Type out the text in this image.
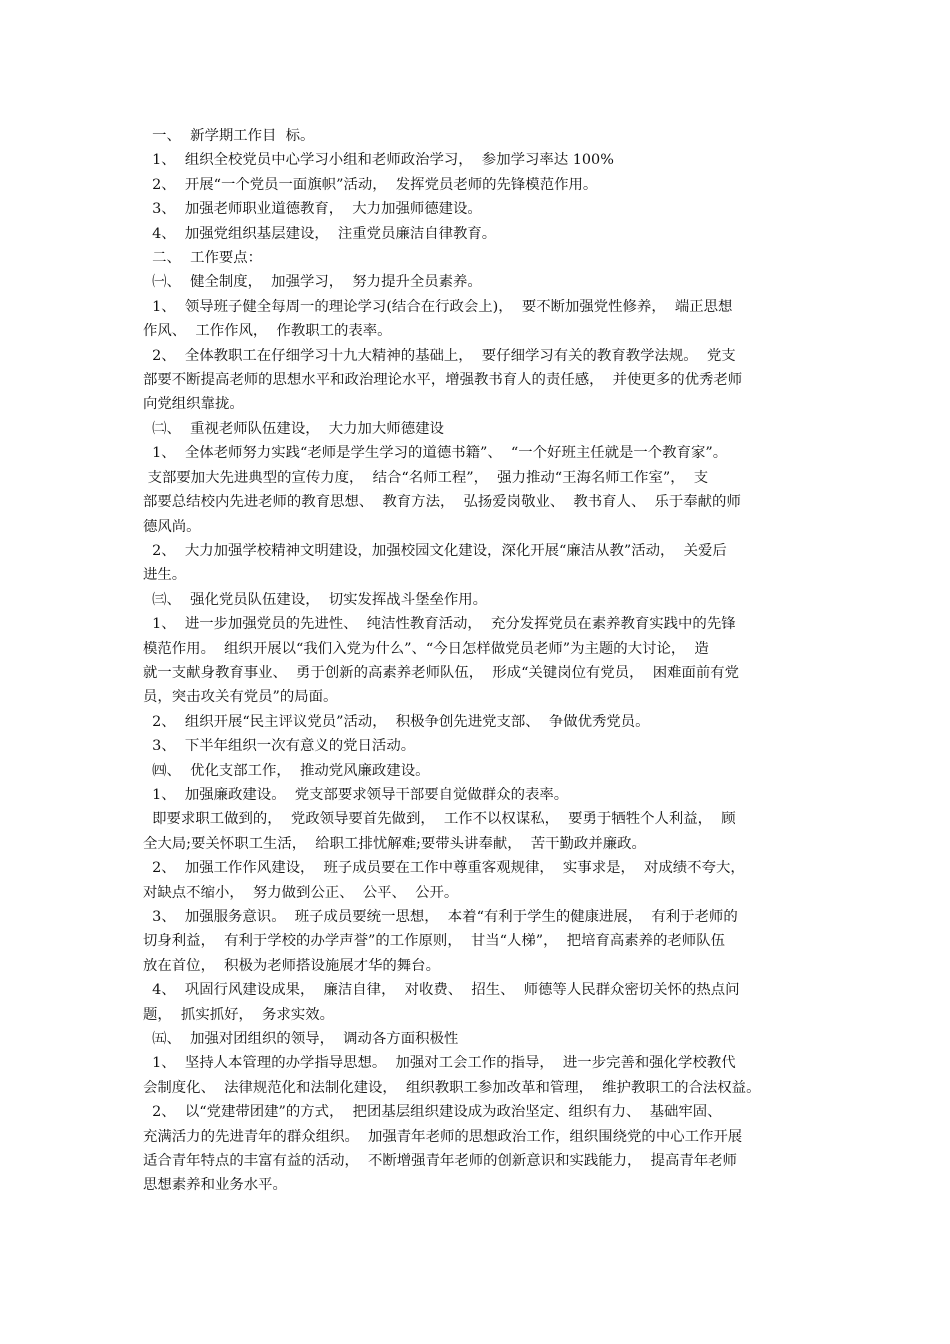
一、  新学期工作目  标。
1、  组织全校党员中心学习小组和老师政治学习，  参加学习率达 100%
2、  开展“一个党员一面旗帜”活动，  发挥党员老师的先锋模范作用。
3、  加强老师职业道德教育，  大力加强师德建设。
4、  加强党组织基层建设，  注重党员廉洁自律教育。
二、  工作要点：
㈠、  健全制度，  加强学习，  努力提升全员素养。
1、  领导班子健全每周一的理论学习(结合在行政会上)，  要不断加强党性修养，  端正思想
作风、  工作作风，  作教职工的表率。
2、  全体教职工在仔细学习十九大精神的基础上，  要仔细学习有关的教育教学法规。  党支
部要不断提高老师的思想水平和政治理论水平，增强教书育人的责任感，  并使更多的优秀老师
向党组织靠拢。
㈡、  重视老师队伍建设，  大力加大师德建设
1、  全体老师努力实践“老师是学生学习的道德书籍”、  “一个好班主任就是一个教育家”。
支部要加大先进典型的宣传力度，  结合“名师工程”，  强力推动“王海名师工作室”，  支
部要总结校内先进老师的教育思想、  教育方法，  弘扬爱岗敬业、  教书育人、  乐于奉献的师
德风尚。
2、  大力加强学校精神文明建设，加强校园文化建设，深化开展“廉洁从教”活动，  关爱后
进生。
㈢、  强化党员队伍建设，  切实发挥战斗堡垒作用。
1、  进一步加强党员的先进性、  纯洁性教育活动，  充分发挥党员在素养教育实践中的先锋
模范作用。  组织开展以“我们入党为什么”、“今日怎样做党员老师”为主题的大讨论，  造
就一支献身教育事业、  勇于创新的高素养老师队伍，  形成“关键岗位有党员，  困难面前有党
员，突击攻关有党员”的局面。
2、  组织开展“民主评议党员”活动，  积极争创先进党支部、  争做优秀党员。
3、  下半年组织一次有意义的党日活动。
㈣、  优化支部工作，  推动党风廉政建设。
1、  加强廉政建设。  党支部要求领导干部要自觉做群众的表率。
即要求职工做到的，  党政领导要首先做到，  工作不以权谋私，  要勇于牺牲个人利益，  顾
全大局;要关怀职工生活，  给职工排忧解难;要带头讲奉献，  苦干勤政并廉政。
2、  加强工作作风建设，  班子成员要在工作中尊重客观规律，  实事求是，  对成绩不夸大，
对缺点不缩小，  努力做到公正、  公平、  公开。
3、  加强服务意识。  班子成员要统一思想，  本着“有利于学生的健康进展，  有利于老师的
切身利益，  有利于学校的办学声誉”的工作原则，  甘当“人梯”，  把培育高素养的老师队伍
放在首位，  积极为老师搭设施展才华的舞台。
4、  巩固行风建设成果，  廉洁自律，  对收费、  招生、  师德等人民群众密切关怀的热点问
题，  抓实抓好，  务求实效。
㈤、  加强对团组织的领导，  调动各方面积极性
1、  坚持人本管理的办学指导思想。  加强对工会工作的指导，  进一步完善和强化学校教代
会制度化、  法律规范化和法制化建设，  组织教职工参加改革和管理，  维护教职工的合法权益。
2、  以“党建带团建”的方式，  把团基层组织建设成为政治坚定、组织有力、  基础牢固、
充满活力的先进青年的群众组织。  加强青年老师的思想政治工作，组织围绕党的中心工作开展
适合青年特点的丰富有益的活动，  不断增强青年老师的创新意识和实践能力，  提高青年老师
思想素养和业务水平。
